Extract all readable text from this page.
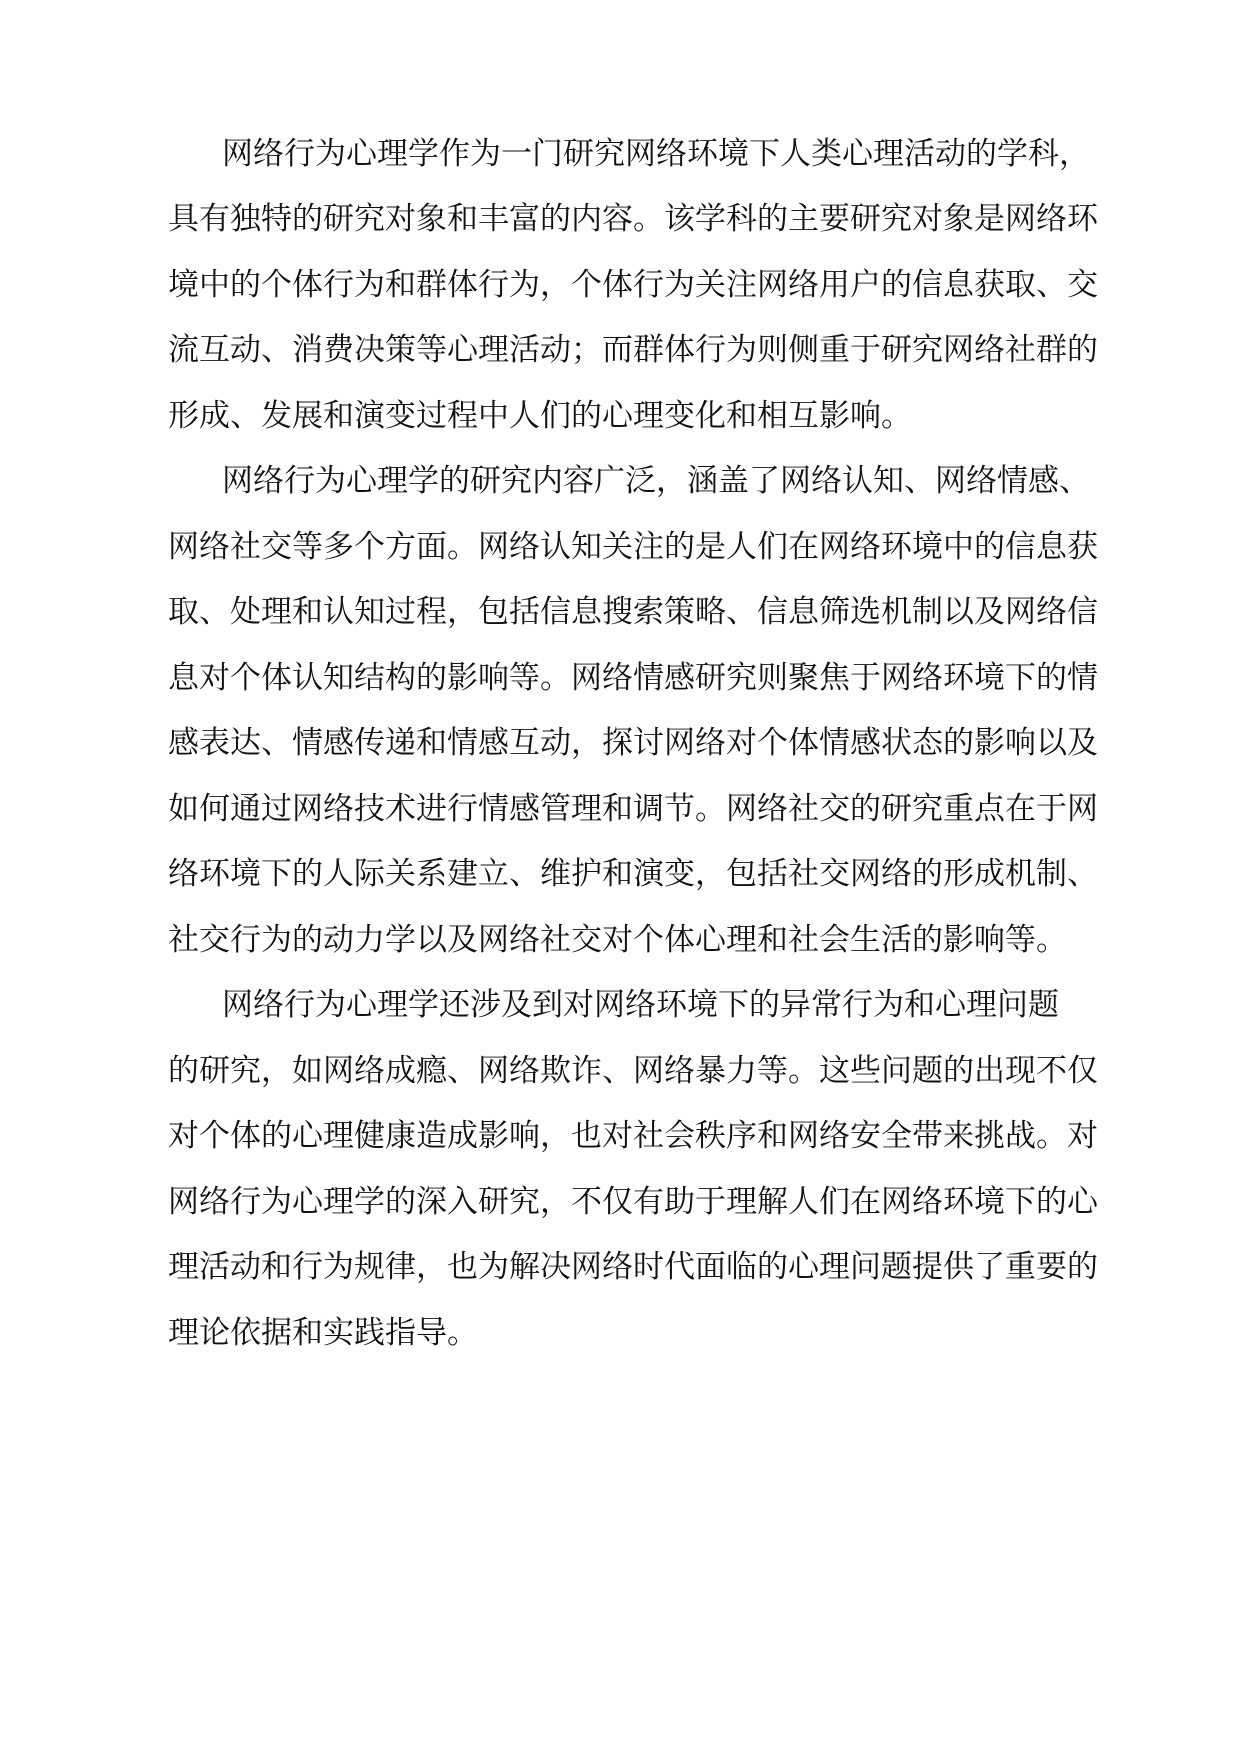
网络行为心理学作为一门研究网络环境下人类心理活动的学科，
具有独特的研究对象和丰富的内容。该学科的主要研究对象是网络环
境中的个体行为和群体行为，个体行为关注网络用户的信息获取、交
流互动、消费决策等心理活动；而群体行为则侧重于研究网络社群的
形成、发展和演变过程中人们的心理变化和相互影响。
网络行为心理学的研究内容广泛，涵盖了网络认知、网络情感、
网络社交等多个方面。网络认知关注的是人们在网络环境中的信息获
取、处理和认知过程，包括信息搜索策略、信息筛选机制以及网络信
息对个体认知结构的影响等。网络情感研究则聚焦于网络环境下的情
感表达、情感传递和情感互动，探讨网络对个体情感状态的影响以及
如何通过网络技术进行情感管理和调节。网络社交的研究重点在于网
络环境下的人际关系建立、维护和演变，包括社交网络的形成机制、
社交行为的动力学以及网络社交对个体心理和社会生活的影响等。
网络行为心理学还涉及到对网络环境下的异常行为和心理问题
的研究，如网络成瘾、网络欺诈、网络暴力等。这些问题的出现不仅
对个体的心理健康造成影响，也对社会秩序和网络安全带来挑战。对
网络行为心理学的深入研究，不仅有助于理解人们在网络环境下的心
理活动和行为规律，也为解决网络时代面临的心理问题提供了重要的
理论依据和实践指导。
